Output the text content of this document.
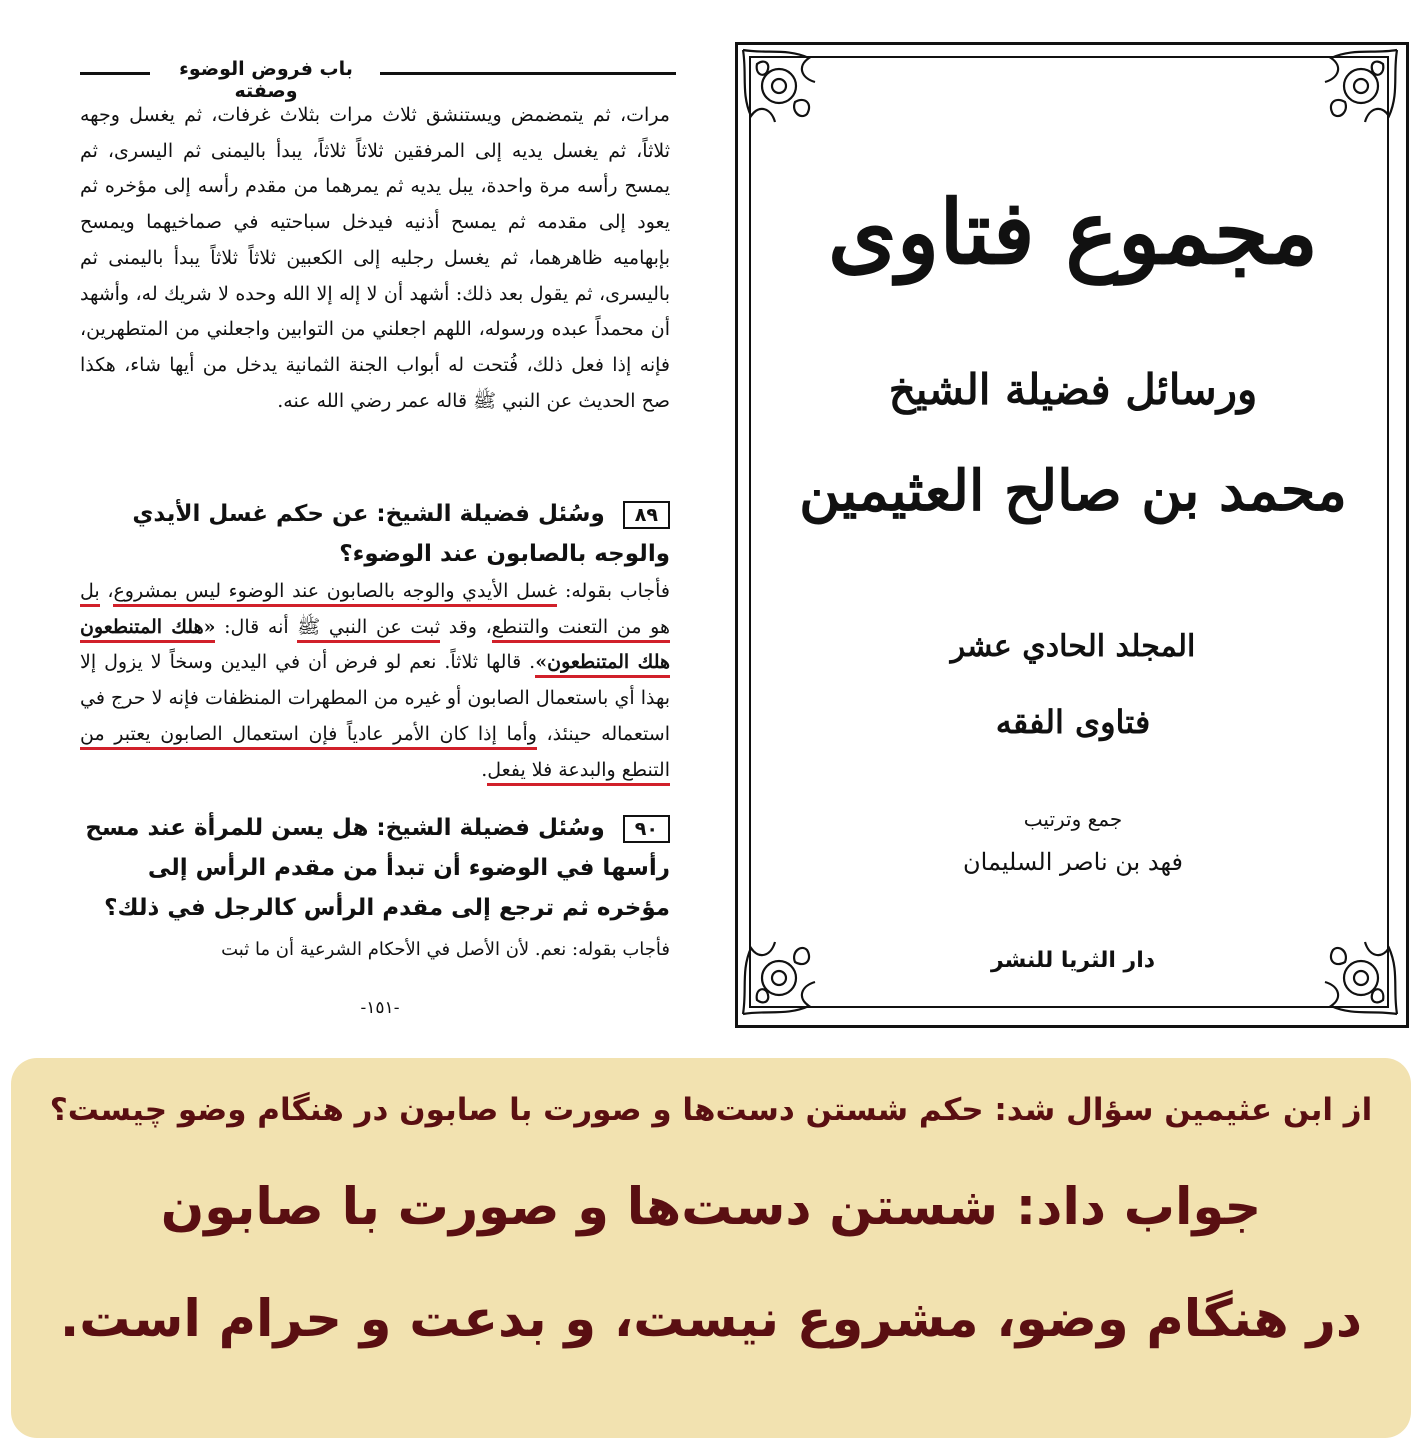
باب فروض الوضوء وصفته
مرات، ثم يتمضمض ويستنشق ثلاث مرات بثلاث غرفات، ثم يغسل وجهه ثلاثاً، ثم يغسل يديه إلى المرفقين ثلاثاً ثلاثاً، يبدأ باليمنى ثم اليسرى، ثم يمسح رأسه مرة واحدة، يبل يديه ثم يمرهما من مقدم رأسه إلى مؤخره ثم يعود إلى مقدمه ثم يمسح أذنيه فيدخل سباحتيه في صماخيهما ويمسح بإبهاميه ظاهرهما، ثم يغسل رجليه إلى الكعبين ثلاثاً ثلاثاً يبدأ باليمنى ثم باليسرى، ثم يقول بعد ذلك: أشهد أن لا إله إلا الله وحده لا شريك له، وأشهد أن محمداً عبده ورسوله، اللهم اجعلني من التوابين واجعلني من المتطهرين، فإنه إذا فعل ذلك، فُتحت له أبواب الجنة الثمانية يدخل من أيها شاء، هكذا صح الحديث عن النبي ﷺ قاله عمر رضي الله عنه.
٨٩وسُئل فضيلة الشيخ: عن حكم غسل الأيدي والوجه بالصابون عند الوضوء؟
فأجاب بقوله: غسل الأيدي والوجه بالصابون عند الوضوء ليس بمشروع، بل هو من التعنت والتنطع، وقد ثبت عن النبي ﷺ أنه قال: «هلك المتنطعون هلك المتنطعون». قالها ثلاثاً. نعم لو فرض أن في اليدين وسخاً لا يزول إلا بهذا أي باستعمال الصابون أو غيره من المطهرات المنظفات فإنه لا حرج في استعماله حينئذ، وأما إذا كان الأمر عادياً فإن استعمال الصابون يعتبر من التنطع والبدعة فلا يفعل.
٩٠وسُئل فضيلة الشيخ: هل يسن للمرأة عند مسح رأسها في الوضوء أن تبدأ من مقدم الرأس إلى مؤخره ثم ترجع إلى مقدم الرأس كالرجل في ذلك؟
فأجاب بقوله: نعم. لأن الأصل في الأحكام الشرعية أن ما ثبت
-١٥١-
مجموع فتاوى
ورسائل فضيلة الشيخ
محمد بن صالح العثيمين
المجلد الحادي عشر
فتاوى الفقه
جمع وترتيب
فهد بن ناصر السليمان
دار الثريا للنشر
از ابن عثیمین سؤال شد: حکم شستن دست‌ها و صورت با صابون در هنگام وضو چیست؟
جواب داد: شستن دست‌ها و صورت با صابون
در هنگام وضو، مشروع نیست، و بدعت و حرام است.
